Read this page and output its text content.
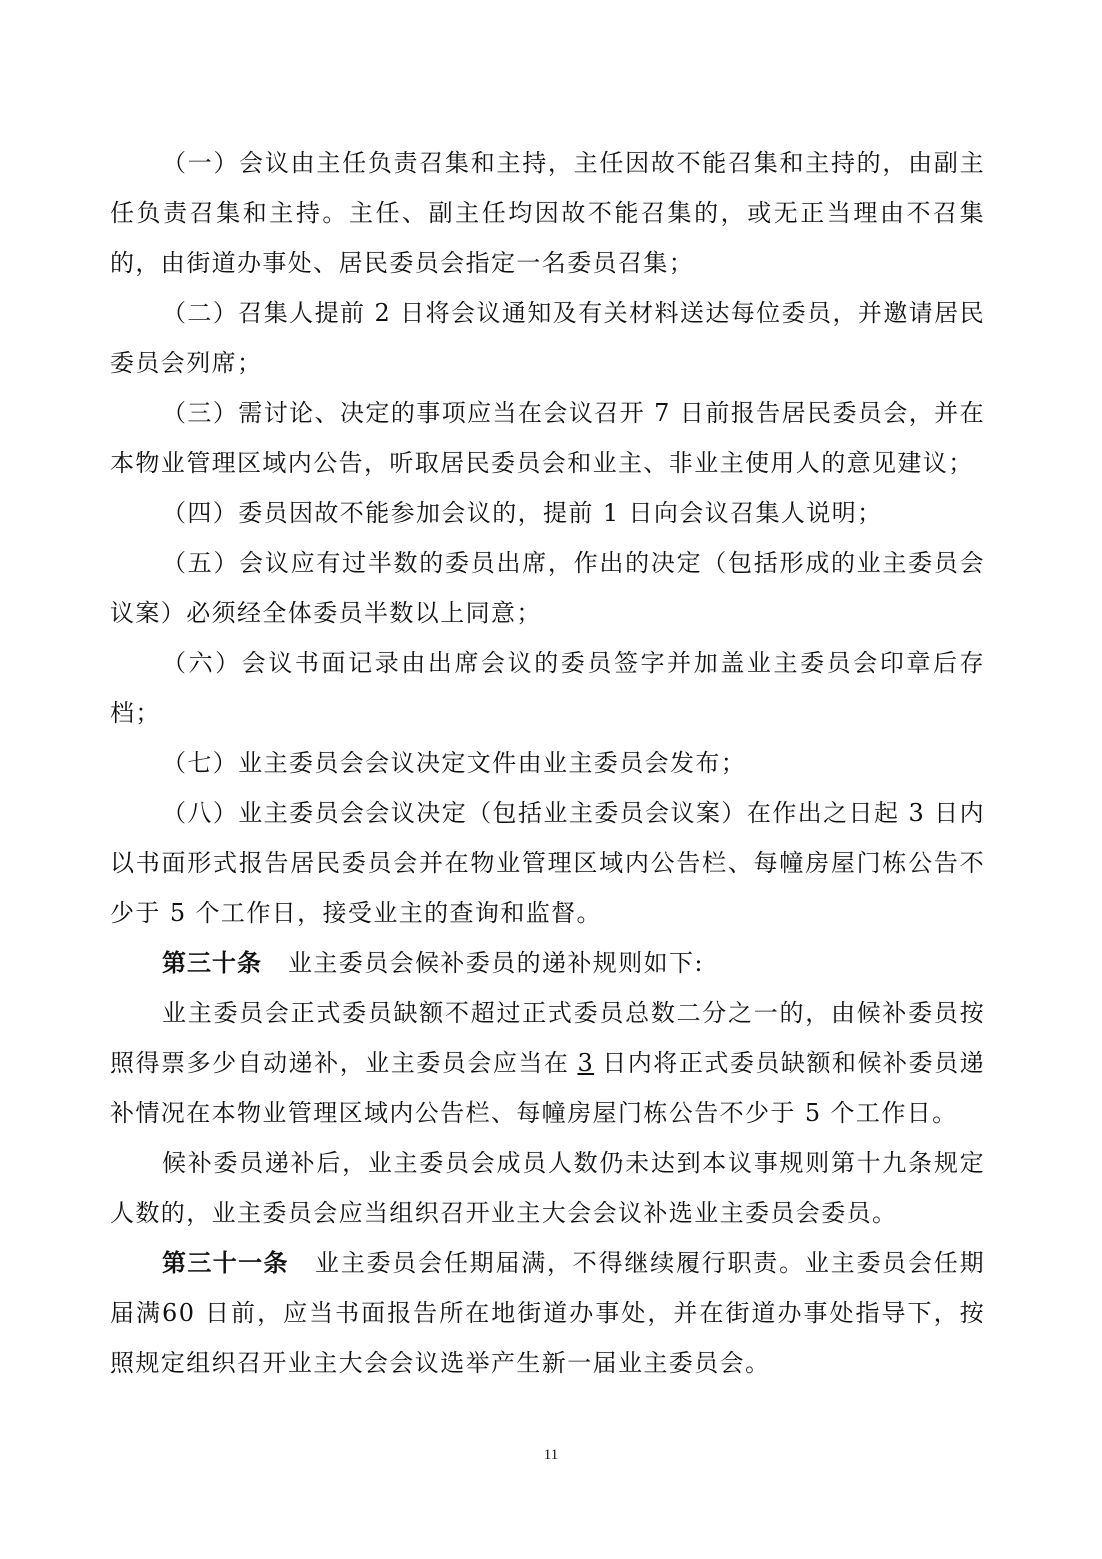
（一）会议由主任负责召集和主持，主任因故不能召集和主持的，由副主任负责召集和主持。主任、副主任均因故不能召集的，或无正当理由不召集的，由街道办事处、居民委员会指定一名委员召集；

（二）召集人提前 2 日将会议通知及有关材料送达每位委员，并邀请居民委员会列席；

（三）需讨论、决定的事项应当在会议召开 7 日前报告居民委员会，并在本物业管理区域内公告，听取居民委员会和业主、非业主使用人的意见建议；

（四）委员因故不能参加会议的，提前 1 日向会议召集人说明；

（五）会议应有过半数的委员出席，作出的决定（包括形成的业主委员会议案）必须经全体委员半数以上同意；

（六）会议书面记录由出席会议的委员签字并加盖业主委员会印章后存档；

（七）业主委员会会议决定文件由业主委员会发布；

（八）业主委员会会议决定（包括业主委员会议案）在作出之日起 3 日内以书面形式报告居民委员会并在物业管理区域内公告栏、每幢房屋门栋公告不少于 5 个工作日，接受业主的查询和监督。

第三十条 业主委员会候补委员的递补规则如下:

业主委员会正式委员缺额不超过正式委员总数二分之一的，由候补委员按照得票多少自动递补，业主委员会应当在 3 日内将正式委员缺额和候补委员递补情况在本物业管理区域内公告栏、每幢房屋门栋公告不少于 5 个工作日。

候补委员递补后，业主委员会成员人数仍未达到本议事规则第十九条规定人数的，业主委员会应当组织召开业主大会会议补选业主委员会委员。

第三十一条 业主委员会任期届满，不得继续履行职责。业主委员会任期届满60 日前，应当书面报告所在地街道办事处，并在街道办事处指导下，按照规定组织召开业主大会会议选举产生新一届业主委员会。

11
